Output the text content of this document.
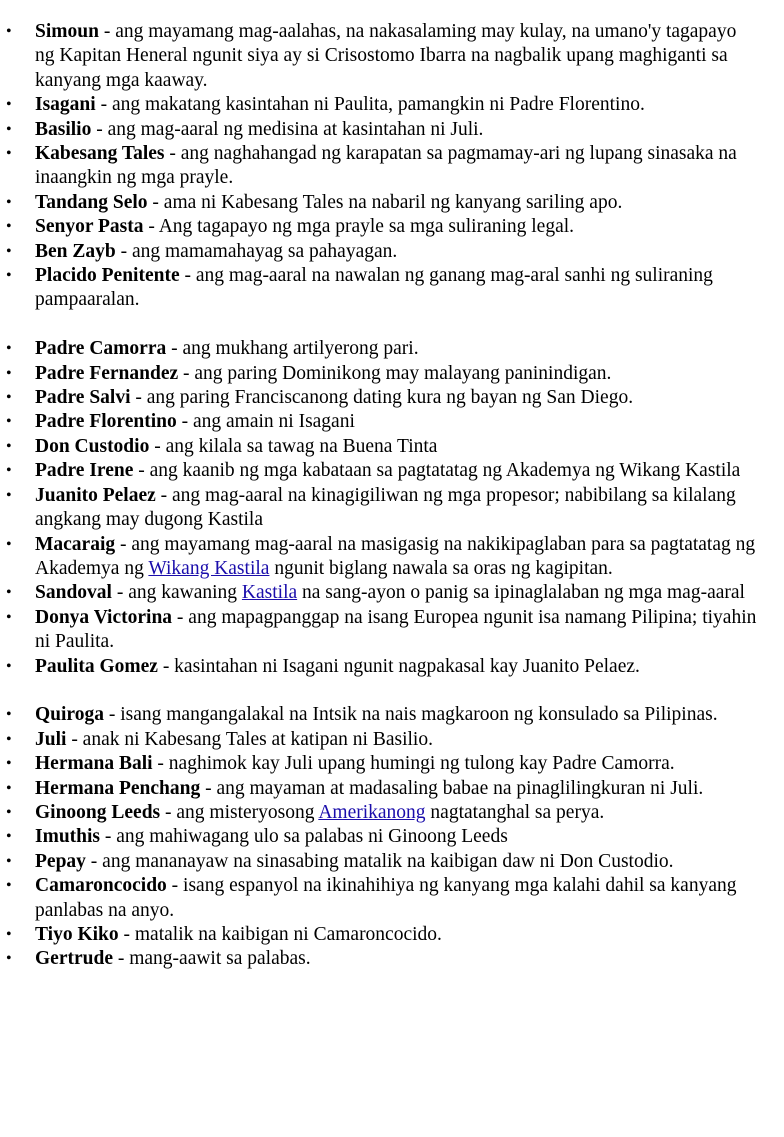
• Simoun - ang mayamang mag-aalahas, na nakasalaming may kulay, na umano'y tagapayo ng Kapitan Heneral ngunit siya ay si Crisostomo Ibarra na nagbalik upang maghiganti sa kanyang mga kaaway.
• Isagani - ang makatang kasintahan ni Paulita, pamangkin ni Padre Florentino.
• Basilio - ang mag-aaral ng medisina at kasintahan ni Juli.
• Kabesang Tales - ang naghahangad ng karapatan sa pagmamay-ari ng lupang sinasaka na inaangkin ng mga prayle.
• Tandang Selo - ama ni Kabesang Tales na nabaril ng kanyang sariling apo.
• Senyor Pasta - Ang tagapayo ng mga prayle sa mga suliraning legal.
• Ben Zayb - ang mamamahayag sa pahayagan.
• Placido Penitente - ang mag-aaral na nawalan ng ganang mag-aral sanhi ng suliraning pampaaralan.
• Padre Camorra - ang mukhang artilyerong pari.
• Padre Fernandez - ang paring Dominikong may malayang paninindigan.
• Padre Salvi - ang paring Franciscanong dating kura ng bayan ng San Diego.
• Padre Florentino - ang amain ni Isagani
• Don Custodio - ang kilala sa tawag na Buena Tinta
• Padre Irene - ang kaanib ng mga kabataan sa pagtatatag ng Akademya ng Wikang Kastila
• Juanito Pelaez - ang mag-aaral na kinagigiliwan ng mga propesor; nabibilang sa kilalang angkang may dugong Kastila
• Macaraig - ang mayamang mag-aaral na masigasig na nakikipaglaban para sa pagtatatag ng Akademya ng Wikang Kastila ngunit biglang nawala sa oras ng kagipitan.
• Sandoval - ang kawaning Kastila na sang-ayon o panig sa ipinaglalaban ng mga mag-aaral
• Donya Victorina - ang mapagpanggap na isang Europea ngunit isa namang Pilipina; tiyahin ni Paulita.
• Paulita Gomez - kasintahan ni Isagani ngunit nagpakasal kay Juanito Pelaez.
• Quiroga - isang mangangalakal na Intsik na nais magkaroon ng konsulado sa Pilipinas.
• Juli - anak ni Kabesang Tales at katipan ni Basilio.
• Hermana Bali - naghimok kay Juli upang humingi ng tulong kay Padre Camorra.
• Hermana Penchang - ang mayaman at madasaling babae na pinaglilingkuran ni Juli.
• Ginoong Leeds - ang misteryosong Amerikanong nagtatanghal sa perya.
• Imuthis - ang mahiwagang ulo sa palabas ni Ginoong Leeds
• Pepay - ang mananayaw na sinasabing matalik na kaibigan daw ni Don Custodio.
• Camaroncocido - isang espanyol na ikinahihiya ng kanyang mga kalahi dahil sa kanyang panlabas na anyo.
• Tiyo Kiko - matalik na kaibigan ni Camaroncocido.
• Gertrude - mang-aawit sa palabas.
